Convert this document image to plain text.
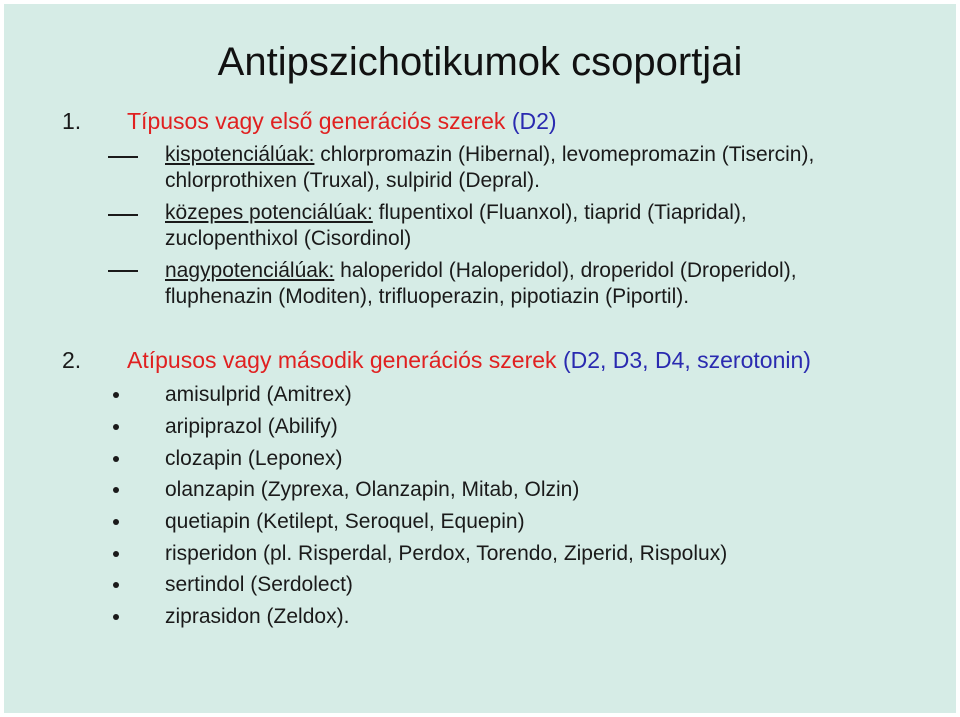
Antipszichotikumok csoportjai
1. Típusos vagy első generációs szerek (D2)
kispotenciálúak: chlorpromazin (Hibernal), levomepromazin (Tisercin),
chlorprothixen (Truxal), sulpirid (Depral).
közepes potenciálúak: flupentixol (Fluanxol), tiaprid (Tiapridal),
zuclopenthixol (Cisordinol)
nagypotenciálúak: haloperidol (Haloperidol), droperidol (Droperidol),
fluphenazin (Moditen), trifluoperazin, pipotiazin (Piportil).
2. Atípusos vagy második generációs szerek (D2, D3, D4, szerotonin)
amisulprid (Amitrex)
aripiprazol (Abilify)
clozapin (Leponex)
olanzapin (Zyprexa, Olanzapin, Mitab, Olzin)
quetiapin (Ketilept, Seroquel, Equepin)
risperidon (pl. Risperdal, Perdox, Torendo, Ziperid, Rispolux)
sertindol (Serdolect)
ziprasidon (Zeldox).
